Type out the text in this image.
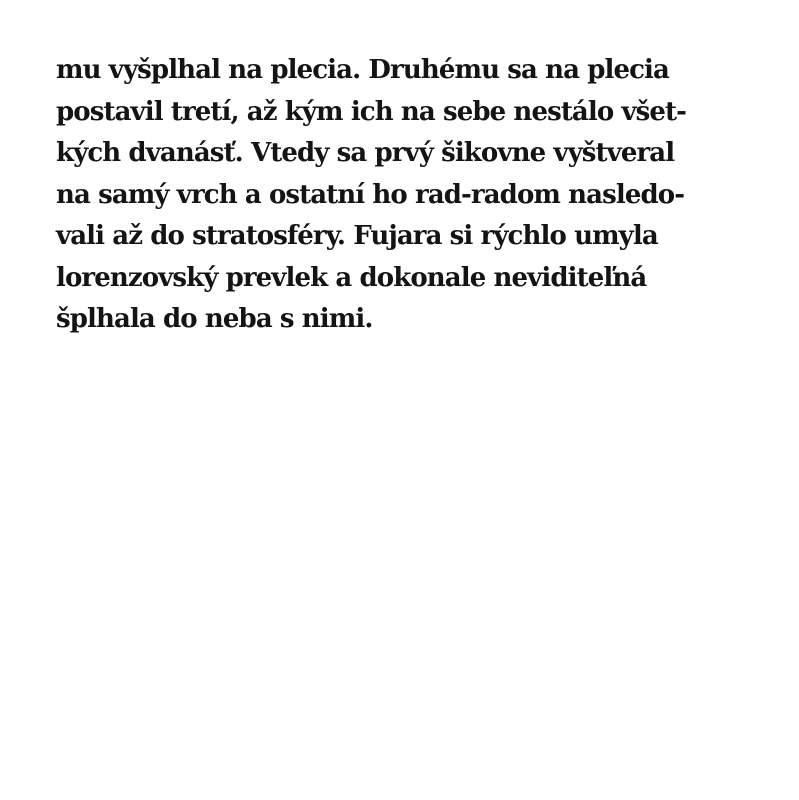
mu vyšplhal na plecia. Druhému sa na plecia
postavil tretí, až kým ich na sebe nestálo všet-
kých dvanásť. Vtedy sa prvý šikovne vyštveral
na samý vrch a ostatní ho rad-radom nasledo-
vali až do stratosféry. Fujara si rýchlo umyla
lorenzovský prevlek a dokonale neviditeľná
šplhala do neba s nimi.
